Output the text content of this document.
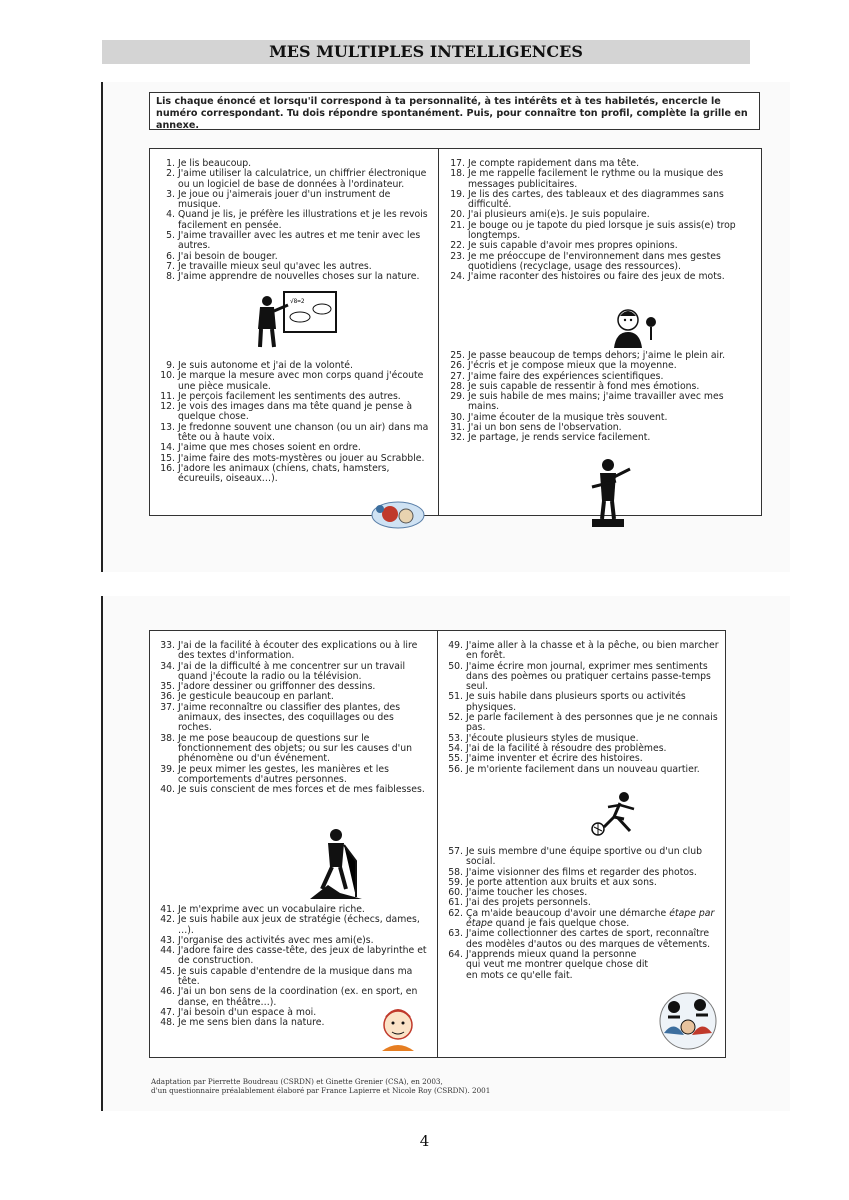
MES MULTIPLES INTELLIGENCES
Lis chaque énoncé et lorsqu'il correspond à ta personnalité, à tes intérêts et à tes habiletés, encercle le numéro correspondant. Tu dois répondre spontanément. Puis, pour connaître ton profil, complète la grille en annexe.
1. Je lis beaucoup.
2. J'aime utiliser la calculatrice, un chiffrier électronique ou un logiciel de base de données à l'ordinateur.
3. Je joue ou j'aimerais jouer d'un instrument de musique.
4. Quand je lis, je préfère les illustrations et je les revois facilement en pensée.
5. J'aime travailler avec les autres et me tenir avec les autres.
6. J'ai besoin de bouger.
7. Je travaille mieux seul qu'avec les autres.
8. J'aime apprendre de nouvelles choses sur la nature.
√8=2
9. Je suis autonome et j'ai de la volonté.
10. Je marque la mesure avec mon corps quand j'écoute une pièce musicale.
11. Je perçois facilement les sentiments des autres.
12. Je vois des images dans ma tête quand je pense à quelque chose.
13. Je fredonne souvent une chanson (ou un air) dans ma tête ou à haute voix.
14. J'aime que mes choses soient en ordre.
15. J'aime faire des mots-mystères ou jouer au Scrabble.
16. J'adore les animaux (chiens, chats, hamsters, écureuils, oiseaux…).
17. Je compte rapidement dans ma tête.
18. Je me rappelle facilement le rythme ou la musique des messages publicitaires.
19. Je lis des cartes, des tableaux et des diagrammes sans difficulté.
20. J'ai plusieurs ami(e)s. Je suis populaire.
21. Je bouge ou je tapote du pied lorsque je suis assis(e) trop longtemps.
22. Je suis capable d'avoir mes propres opinions.
23. Je me préoccupe de l'environnement dans mes gestes quotidiens (recyclage, usage des ressources).
24. J'aime raconter des histoires ou faire des jeux de mots.
25. Je passe beaucoup de temps dehors; j'aime le plein air.
26. J'écris et je compose mieux que la moyenne.
27. J'aime faire des expériences scientifiques.
28. Je suis capable de ressentir à fond mes émotions.
29. Je suis habile de mes mains; j'aime travailler avec mes mains.
30. J'aime écouter de la musique très souvent.
31. J'ai un bon sens de l'observation.
32. Je partage, je rends service facilement.
33. J'ai de la facilité à écouter des explications ou à lire des textes d'information.
34. J'ai de la difficulté à me concentrer sur un travail quand j'écoute la radio ou la télévision.
35. J'adore dessiner ou griffonner des dessins.
36. Je gesticule beaucoup en parlant.
37. J'aime reconnaître ou classifier des plantes, des animaux, des insectes, des coquillages ou des roches.
38. Je me pose beaucoup de questions sur le fonctionnement des objets; ou sur les causes d'un phénomène ou d'un événement.
39. Je peux mimer les gestes, les manières et les comportements d'autres personnes.
40. Je suis conscient de mes forces et de mes faiblesses.
41. Je m'exprime avec un vocabulaire riche.
42. Je suis habile aux jeux de stratégie (échecs, dames, …).
43. J'organise des activités avec mes ami(e)s.
44. J'adore faire des casse-tête, des jeux de labyrinthe et de construction.
45. Je suis capable d'entendre de la musique dans ma tête.
46. J'ai un bon sens de la coordination (ex. en sport, en danse, en théâtre…).
47. J'ai besoin d'un espace à moi.
48. Je me sens bien dans la nature.
49. J'aime aller à la chasse et à la pêche, ou bien marcher en forêt.
50. J'aime écrire mon journal, exprimer mes sentiments dans des poèmes ou pratiquer certains passe-temps seul.
51. Je suis habile dans plusieurs sports ou activités physiques.
52. Je parle facilement à des personnes que je ne connais pas.
53. J'écoute plusieurs styles de musique.
54. J'ai de la facilité à résoudre des problèmes.
55. J'aime inventer et écrire des histoires.
56. Je m'oriente facilement dans un nouveau quartier.
57. Je suis membre d'une équipe sportive ou d'un club social.
58. J'aime visionner des films et regarder des photos.
59. Je porte attention aux bruits et aux sons.
60. J'aime toucher les choses.
61. J'ai des projets personnels.
62. Ça m'aide beaucoup d'avoir une démarche étape par étape quand je fais quelque chose.
63. J'aime collectionner des cartes de sport, reconnaître des modèles d'autos ou des marques de vêtements.
64. J'apprends mieux quand la personne qui veut me montrer quelque chose dit en mots ce qu'elle fait.
Adaptation par Pierrette Boudreau (CSRDN) et Ginette Grenier (CSA), en 2003,
d'un questionnaire préalablement élaboré par France Lapierre et Nicole Roy (CSRDN). 2001
4
